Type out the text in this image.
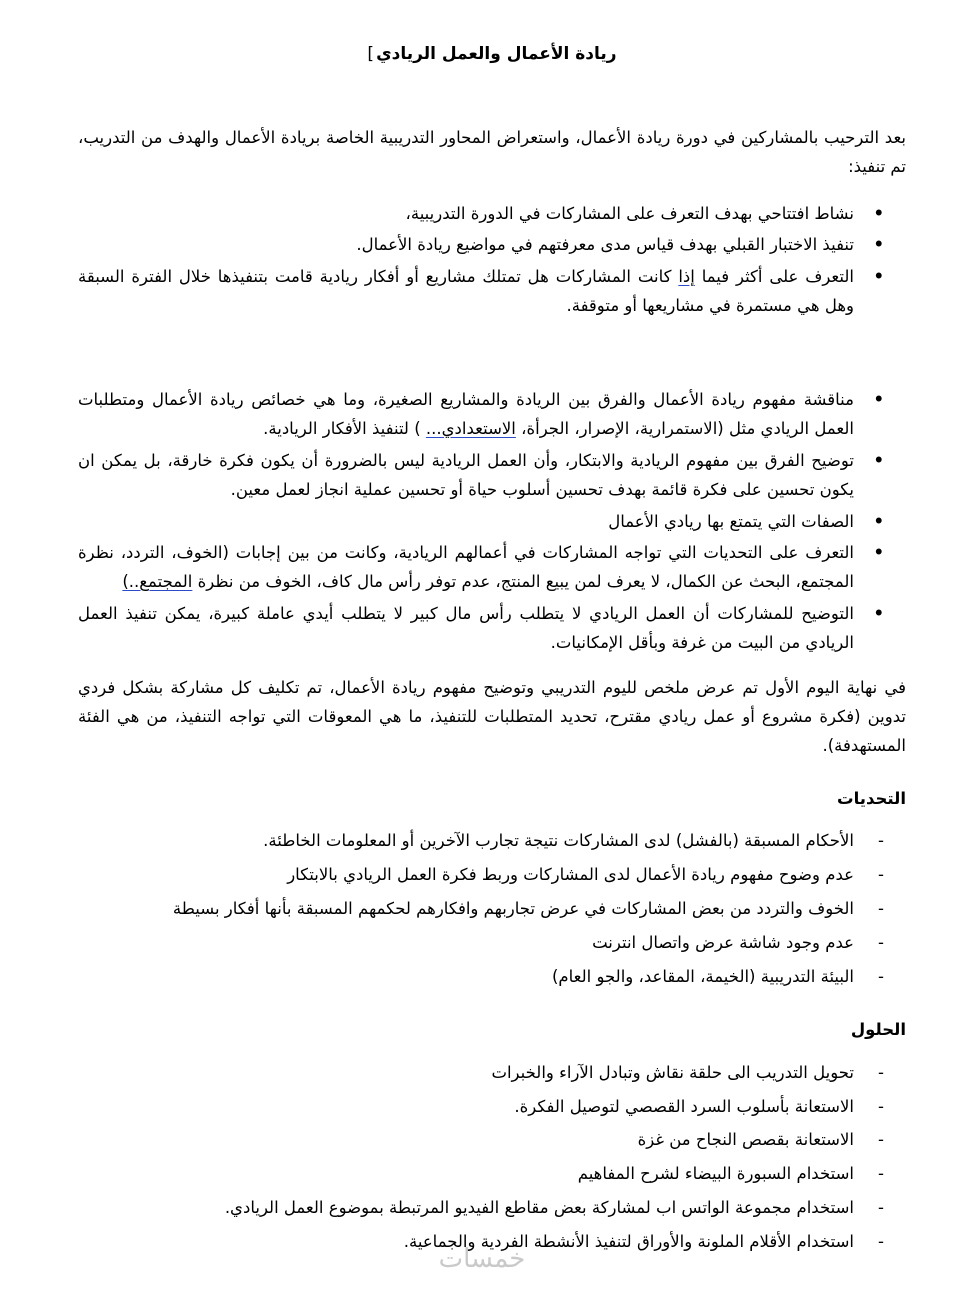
ريادة الأعمال والعمل الريادي[

بعد الترحيب بالمشاركين في دورة ريادة الأعمال، واستعراض المحاور التدريبية الخاصة بريادة الأعمال والهدف من التدريب، تم تنفيذ:

•
نشاط افتتاحي بهدف التعرف على المشاركات في الدورة التدريبية،
•
تنفيذ الاختبار القبلي بهدف قياس مدى معرفتهم في مواضيع ريادة الأعمال.
•
التعرف على أكثر فيما إذا كانت المشاركات هل تمتلك مشاريع أو أفكار ريادية قامت بتنفيذها خلال الفترة السبقة وهل هي مستمرة في مشاريعها أو متوقفة.
•
مناقشة مفهوم ريادة الأعمال والفرق بين الريادة والمشاريع الصغيرة، وما هي خصائص ريادة الأعمال ومتطلبات العمل الريادي مثل (الاستمرارية، الإصرار، الجرأة، الاستعدادي... ) لتنفيذ الأفكار الريادية.
•
توضيح الفرق بين مفهوم الريادية والابتكار، وأن العمل الريادية ليس بالضرورة أن يكون فكرة خارقة، بل يمكن ان يكون تحسين على فكرة قائمة بهدف تحسين أسلوب حياة أو تحسين عملية انجاز لعمل معين.
•
الصفات التي يتمتع بها ريادي الأعمال
•
التعرف على التحديات التي تواجه المشاركات في أعمالهم الريادية، وكانت من بين إجابات (الخوف، التردد، نظرة المجتمع، البحث عن الكمال، لا يعرف لمن يبيع المنتج، عدم توفر رأس مال كاف، الخوف من نظرة المجتمع..)
•
التوضيح للمشاركات أن العمل الريادي لا يتطلب رأس مال كبير لا يتطلب أيدي عاملة كبيرة، يمكن تنفيذ العمل الريادي من البيت من غرفة وبأقل الإمكانيات.

في نهاية اليوم الأول تم عرض ملخص لليوم التدريبي وتوضيح مفهوم ريادة الأعمال، تم تكليف كل مشاركة بشكل فردي تدوين (فكرة مشروع أو عمل ريادي مقترح، تحديد المتطلبات للتنفيذ، ما هي المعوقات التي تواجه التنفيذ، من هي الفئة المستهدفة).

التحديات
-
الأحكام المسبقة (بالفشل) لدى المشاركات نتيجة تجارب الآخرين أو المعلومات الخاطئة.
-
عدم وضوح مفهوم ريادة الأعمال لدى المشاركات وربط فكرة العمل الريادي بالابتكار
-
الخوف والتردد من بعض المشاركات في عرض تجاربهم وافكارهم لحكمهم المسبقة بأنها أفكار بسيطة
-
عدم وجود شاشة عرض واتصال انترنت
-
البيئة التدريبية (الخيمة، المقاعد، والجو العام)
الحلول
-
تحويل التدريب الى حلقة نقاش وتبادل الآراء والخبرات
-
الاستعانة بأسلوب السرد القصصي لتوصيل الفكرة.
-
الاستعانة بقصص النجاح من غزة
-
استخدام السبورة البيضاء لشرح المفاهيم
-
استخدام مجموعة الواتس اب لمشاركة بعض مقاطع الفيديو المرتبطة بموضوع العمل الريادي.
-
استخدام الأقلام الملونة والأوراق لتنفيذ الأنشطة الفردية والجماعية.
خمسات
